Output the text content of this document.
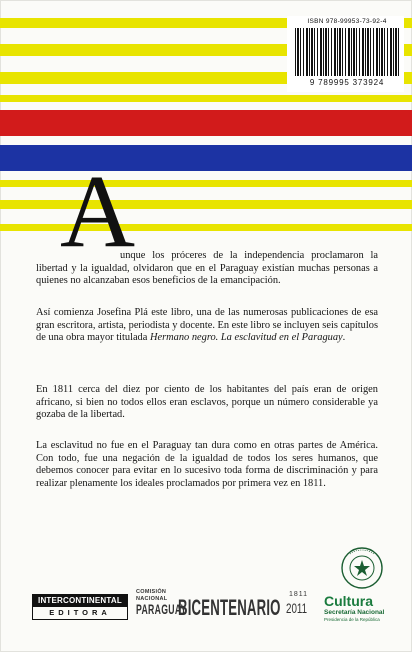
ISBN 978-99953-73-92-4
9 789995 373924
A

unque los próceres de la independencia proclamaron la libertad y la igualdad, olvidaron que en el Paraguay existían muchas personas a quienes no alcanzaban esos beneficios de la emancipación.

Así comienza Josefina Plá este libro, una de las numerosas publicaciones de esa gran escritora, artista, periodista y docente. En este libro se incluyen seis capítulos de una obra mayor titulada Hermano negro. La esclavitud en el Paraguay.

En 1811 cerca del diez por ciento de los habitantes del país eran de origen africano, si bien no todos ellos eran esclavos, porque un número considerable ya gozaba de la libertad.

La esclavitud no fue en el Paraguay tan dura como en otras partes de América. Con todo, fue una negación de la igualdad de todos los seres humanos, que debemos conocer para evitar en lo sucesivo toda forma de discriminación y para realizar plenamente los ideales proclamados por primera vez en 1811.

INTERCONTINENTAL
EDITORA
COMISIÓN NACIONAL
PARAGUAY
BICENTENARIO
1811
2011 Cultura
Secretaría Nacional
Presidencia de la República
